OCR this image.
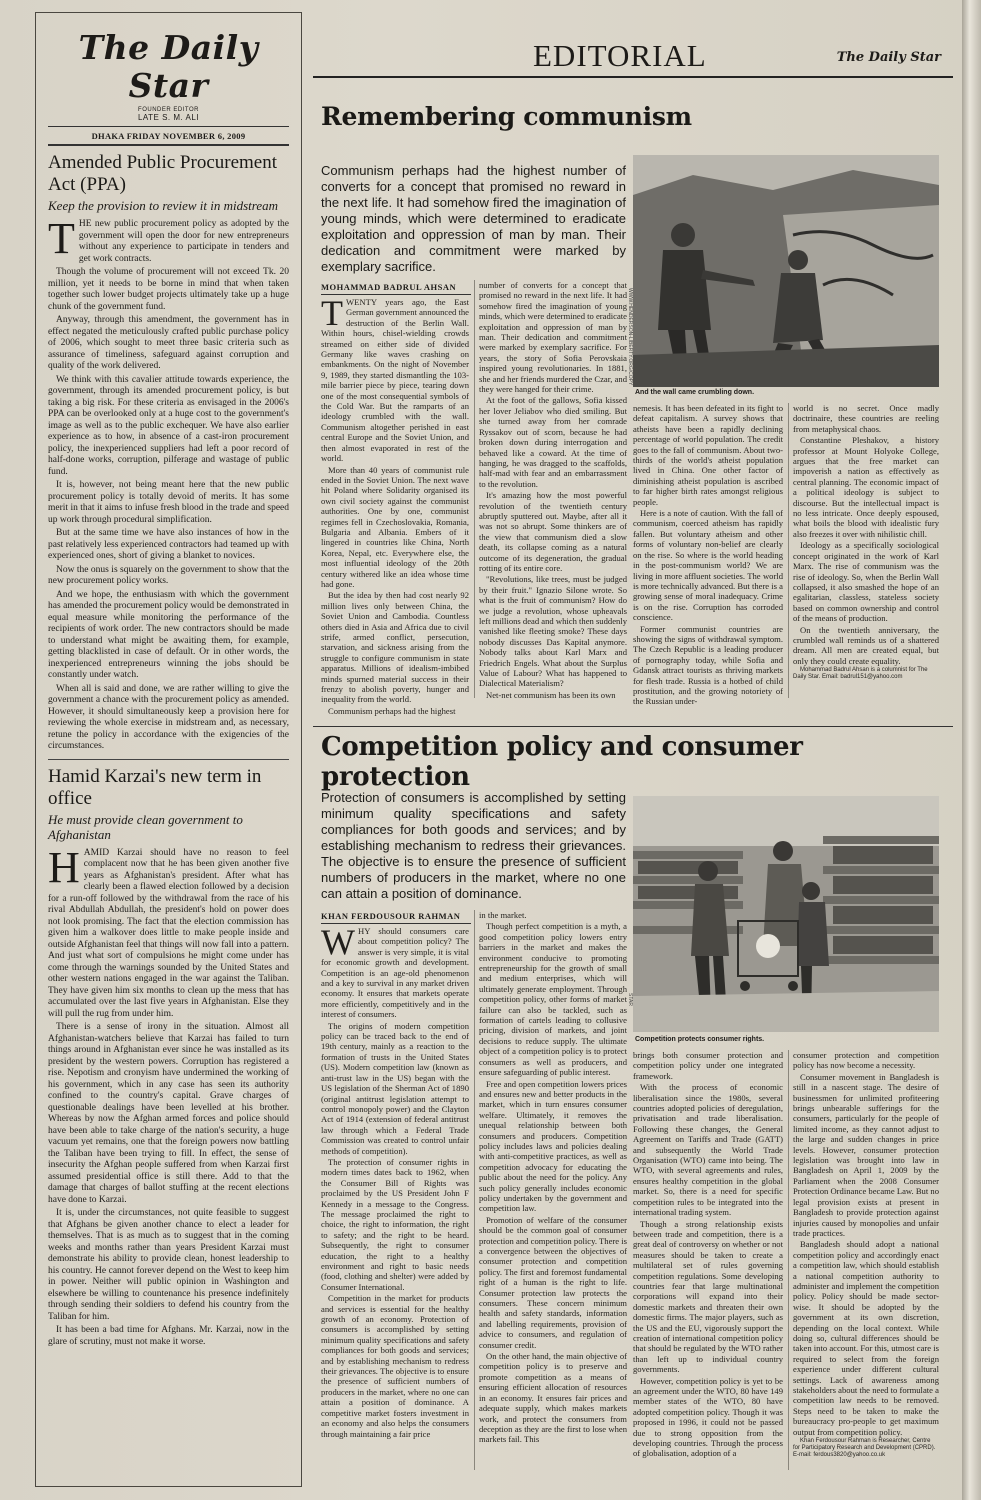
The Daily Star
FOUNDER EDITOR
LATE S. M. ALI
DHAKA FRIDAY NOVEMBER 6, 2009
Amended Public Procurement Act (PPA)
Keep the provision to review it in midstream

THE new public procurement policy as adopted by the government will open the door for new entrepreneurs without any experience to participate in tenders and get work contracts.

Though the volume of procurement will not exceed Tk. 20 million, yet it needs to be borne in mind that when taken together such lower budget projects ultimately take up a huge chunk of the government fund.

Anyway, through this amendment, the government has in effect negated the meticulously crafted public purchase policy of 2006, which sought to meet three basic criteria such as assurance of timeliness, safeguard against corruption and quality of the work delivered.

We think with this cavalier attitude towards experience, the government, through its amended procurement policy, is but taking a big risk. For these criteria as envisaged in the 2006's PPA can be overlooked only at a huge cost to the government's image as well as to the public exchequer. We have also earlier experience as to how, in absence of a cast-iron procurement policy, the inexperienced suppliers had left a poor record of half-done works, corruption, pilferage and wastage of public fund.

It is, however, not being meant here that the new public procurement policy is totally devoid of merits. It has some merit in that it aims to infuse fresh blood in the trade and speed up work through procedural simplification.

But at the same time we have also instances of how in the past relatively less experienced contractors had teamed up with experienced ones, short of giving a blanket to novices.

Now the onus is squarely on the government to show that the new procurement policy works.

And we hope, the enthusiasm with which the government has amended the procurement policy would be demonstrated in equal measure while monitoring the performance of the recipients of work order. The new contractors should be made to understand what might be awaiting them, for example, getting blacklisted in case of default. Or in other words, the inexperienced entrepreneurs winning the jobs should be constantly under watch.

When all is said and done, we are rather willing to give the government a chance with the procurement policy as amended. However, it should simultaneously keep a provision here for reviewing the whole exercise in midstream and, as necessary, retune the policy in accordance with the exigencies of the circumstances.

Hamid Karzai's new term in office
He must provide clean government to Afghanistan

HAMID Karzai should have no reason to feel complacent now that he has been given another five years as Afghanistan's president. After what has clearly been a flawed election followed by a decision for a run-off followed by the withdrawal from the race of his rival Abdullah Abdullah, the president's hold on power does not look promising. The fact that the election commission has given him a walkover does little to make people inside and outside Afghanistan feel that things will now fall into a pattern. And just what sort of compulsions he might come under has come through the warnings sounded by the United States and other western nations engaged in the war against the Taliban. They have given him six months to clean up the mess that has accumulated over the last five years in Afghanistan. Else they will pull the rug from under him.

There is a sense of irony in the situation. Almost all Afghanistan-watchers believe that Karzai has failed to turn things around in Afghanistan ever since he was installed as its president by the western powers. Corruption has registered a rise. Nepotism and cronyism have undermined the working of his government, which in any case has seen its authority confined to the country's capital. Grave charges of questionable dealings have been levelled at his brother. Whereas by now the Afghan armed forces and police should have been able to take charge of the nation's security, a huge vacuum yet remains, one that the foreign powers now battling the Taliban have been trying to fill. In effect, the sense of insecurity the Afghan people suffered from when Karzai first assumed presidential office is still there. Add to that the damage that charges of ballot stuffing at the recent elections have done to Karzai.

It is, under the circumstances, not quite feasible to suggest that Afghans be given another chance to elect a leader for themselves. That is as much as to suggest that in the coming weeks and months rather than years President Karzai must demonstrate his ability to provide clean, honest leadership to his country. He cannot forever depend on the West to keep him in power. Neither will public opinion in Washington and elsewhere be willing to countenance his presence indefinitely through sending their soldiers to defend his country from the Taliban for him.

It has been a bad time for Afghans. Mr. Karzai, now in the glare of scrutiny, must not make it worse.

EDITORIAL	The Daily Star
Remembering communism
Communism perhaps had the highest number of converts for a concept that promised no reward in the next life. It had somehow fired the imagination of young minds, which were determined to eradicate exploitation and oppression of man by man. Their dedication and commitment were marked by exemplary sacrifice.
MOHAMMAD BADRUL AHSAN
WWW.HENDERSON-LIBERTY.ORG/COPY
And the wall came crumbling down.

TWENTY years ago, the East German government announced the destruction of the Berlin Wall. Within hours, chisel-wielding crowds streamed on either side of divided Germany like waves crashing on embankments. On the night of November 9, 1989, they started dismantling the 103-mile barrier piece by piece, tearing down one of the most consequential symbols of the Cold War. But the ramparts of an ideology crumbled with the wall. Communism altogether perished in east central Europe and the Soviet Union, and then almost evaporated in rest of the world.

More than 40 years of communist rule ended in the Soviet Union. The next wave hit Poland where Solidarity organised its own civil society against the communist authorities. One by one, communist regimes fell in Czechoslovakia, Romania, Bulgaria and Albania. Embers of it lingered in countries like China, North Korea, Nepal, etc. Everywhere else, the most influential ideology of the 20th century withered like an idea whose time had gone.

But the idea by then had cost nearly 92 million lives only between China, the Soviet Union and Cambodia. Countless others died in Asia and Africa due to civil strife, armed conflict, persecution, starvation, and sickness arising from the struggle to configure communism in state apparatus. Millions of idealism-imbibed minds spurned material success in their frenzy to abolish poverty, hunger and inequality from the world.

Communism perhaps had the highest

number of converts for a concept that promised no reward in the next life. It had somehow fired the imagination of young minds, which were determined to eradicate exploitation and oppression of man by man. Their dedication and commitment were marked by exemplary sacrifice. For years, the story of Sofia Perovskaia inspired young revolutionaries. In 1881, she and her friends murdered the Czar, and they were hanged for their crime.

At the foot of the gallows, Sofia kissed her lover Jeliabov who died smiling. But she turned away from her comrade Ryssakov out of scorn, because he had broken down during interrogation and behaved like a coward. At the time of hanging, he was dragged to the scaffolds, half-mad with fear and an embarrassment to the revolution.

It's amazing how the most powerful revolution of the twentieth century abruptly sputtered out. Maybe, after all it was not so abrupt. Some thinkers are of the view that communism died a slow death, its collapse coming as a natural outcome of its degeneration, the gradual rotting of its entire core.

"Revolutions, like trees, must be judged by their fruit." Ignazio Silone wrote. So what is the fruit of communism? How do we judge a revolution, whose upheavals left millions dead and which then suddenly vanished like fleeting smoke? These days nobody discusses Das Kapital anymore. Nobody talks about Karl Marx and Friedrich Engels. What about the Surplus Value of Labour? What has happened to Dialectical Materialism?

Net-net communism has been its own

nemesis. It has been defeated in its fight to defeat capitalism. A survey shows that atheists have been a rapidly declining percentage of world population. The credit goes to the fall of communism. About two-thirds of the world's atheist population lived in China. One other factor of diminishing atheist population is ascribed to far higher birth rates amongst religious people.

Here is a note of caution. With the fall of communism, coerced atheism has rapidly fallen. But voluntary atheism and other forms of voluntary non-belief are clearly on the rise. So where is the world heading in the post-communism world? We are living in more affluent societies. The world is more technically advanced. But there is a growing sense of moral inadequacy. Crime is on the rise. Corruption has corroded conscience.

Former communist countries are showing the signs of withdrawal symptom. The Czech Republic is a leading producer of pornography today, while Sofia and Gdansk attract tourists as thriving markets for flesh trade. Russia is a hotbed of child prostitution, and the growing notoriety of the Russian under-

world is no secret. Once madly doctrinaire, these countries are reeling from metaphysical chaos.

Constantine Pleshakov, a history professor at Mount Holyoke College, argues that the free market can impoverish a nation as effectively as central planning. The economic impact of a political ideology is subject to discourse. But the intellectual impact is no less intricate. Once deeply espoused, what boils the blood with idealistic fury also freezes it over with nihilistic chill.

Ideology as a specifically sociological concept originated in the work of Karl Marx. The rise of communism was the rise of ideology. So, when the Berlin Wall collapsed, it also smashed the hope of an egalitarian, classless, stateless society based on common ownership and control of the means of production.

On the twentieth anniversary, the crumbled wall reminds us of a shattered dream. All men are created equal, but only they could create equality.

Mohammad Badrul Ahsan is a columnist for The Daily Star. Email: badrul151@yahoo.com

Competition policy and consumer protection
Protection of consumers is accomplished by setting minimum quality specifications and safety compliances for both goods and services; and by establishing mechanism to redress their grievances. The objective is to ensure the presence of sufficient numbers of producers in the market, where no one can attain a position of dominance.
KHAN FERDOUSOUR RAHMAN
STAR
Competition protects consumer rights.

WHY should consumers care about competition policy? The answer is very simple, it is vital for economic growth and development. Competition is an age-old phenomenon and a key to survival in any market driven economy. It ensures that markets operate more efficiently, competitively and in the interest of consumers.

The origins of modern competition policy can be traced back to the end of 19th century, mainly as a reaction to the formation of trusts in the United States (US). Modern competition law (known as anti-trust law in the US) began with the US legislation of the Sherman Act of 1890 (original antitrust legislation attempt to control monopoly power) and the Clayton Act of 1914 (extension of federal antitrust law through which a Federal Trade Commission was created to control unfair methods of competition).

The protection of consumer rights in modern times dates back to 1962, when the Consumer Bill of Rights was proclaimed by the US President John F Kennedy in a message to the Congress. The message proclaimed the right to choice, the right to information, the right to safety; and the right to be heard. Subsequently, the right to consumer education, the right to a healthy environment and right to basic needs (food, clothing and shelter) were added by Consumer International.

Competition in the market for products and services is essential for the healthy growth of an economy. Protection of consumers is accomplished by setting minimum quality specifications and safety compliances for both goods and services; and by establishing mechanism to redress their grievances. The objective is to ensure the presence of sufficient numbers of producers in the market, where no one can attain a position of dominance. A competitive market fosters investment in an economy and also helps the consumers through maintaining a fair price

in the market.

Though perfect competition is a myth, a good competition policy lowers entry barriers in the market and makes the environment conducive to promoting entrepreneurship for the growth of small and medium enterprises, which will ultimately generate employment. Through competition policy, other forms of market failure can also be tackled, such as formation of cartels leading to collusive pricing, division of markets, and joint decisions to reduce supply. The ultimate object of a competition policy is to protect consumers as well as producers, and ensure safeguarding of public interest.

Free and open competition lowers prices and ensures new and better products in the market, which in turn ensures consumer welfare. Ultimately, it removes the unequal relationship between both consumers and producers. Competition policy includes laws and policies dealing with anti-competitive practices, as well as competition advocacy for educating the public about the need for the policy. Any such policy generally includes economic policy undertaken by the government and competition law.

Promotion of welfare of the consumer should be the common goal of consumer protection and competition policy. There is a convergence between the objectives of consumer protection and competition policy. The first and foremost fundamental right of a human is the right to life. Consumer protection law protects the consumers. These concern minimum health and safety standards, information and labelling requirements, provision of advice to consumers, and regulation of consumer credit.

On the other hand, the main objective of competition policy is to preserve and promote competition as a means of ensuring efficient allocation of resources in an economy. It ensures fair prices and adequate supply, which makes markets work, and protect the consumers from deception as they are the first to lose when markets fail. This

brings both consumer protection and competition policy under one integrated framework.

With the process of economic liberalisation since the 1980s, several countries adopted policies of deregulation, privatisation and trade liberalisation. Following these changes, the General Agreement on Tariffs and Trade (GATT) and subsequently the World Trade Organisation (WTO) came into being. The WTO, with several agreements and rules, ensures healthy competition in the global market. So, there is a need for specific competition rules to be integrated into the international trading system.

Though a strong relationship exists between trade and competition, there is a great deal of controversy on whether or not measures should be taken to create a multilateral set of rules governing competition regulations. Some developing countries fear that large multinational corporations will expand into their domestic markets and threaten their own domestic firms. The major players, such as the US and the EU, vigorously support the creation of international competition policy that should be regulated by the WTO rather than left up to individual country governments.

However, competition policy is yet to be an agreement under the WTO, 80 have 149 member states of the WTO, 80 have adopted competition policy. Though it was proposed in 1996, it could not be passed due to strong opposition from the developing countries. Through the process of globalisation, adoption of a

consumer protection and competition policy has now become a necessity.

Consumer movement in Bangladesh is still in a nascent stage. The desire of businessmen for unlimited profiteering brings unbearable sufferings for the consumers, particularly for the people of limited income, as they cannot adjust to the large and sudden changes in price levels. However, consumer protection legislation was brought into law in Bangladesh on April 1, 2009 by the Parliament when the 2008 Consumer Protection Ordinance became Law. But no legal provision exists at present in Bangladesh to provide protection against injuries caused by monopolies and unfair trade practices.

Bangladesh should adopt a national competition policy and accordingly enact a competition law, which should establish a national competition authority to administer and implement the competition policy. Policy should be made sector-wise. It should be adopted by the government at its own discretion, depending on the local context. While doing so, cultural differences should be taken into account. For this, utmost care is required to select from the foreign experience under different cultural settings. Lack of awareness among stakeholders about the need to formulate a competition law needs to be removed. Steps need to be taken to make the bureaucracy pro-people to get maximum output from competition policy.

Khan Ferdousour Rahman is Researcher, Centre for Participatory Research and Development (CPRD). E-mail: ferdous3820@yahoo.co.uk
